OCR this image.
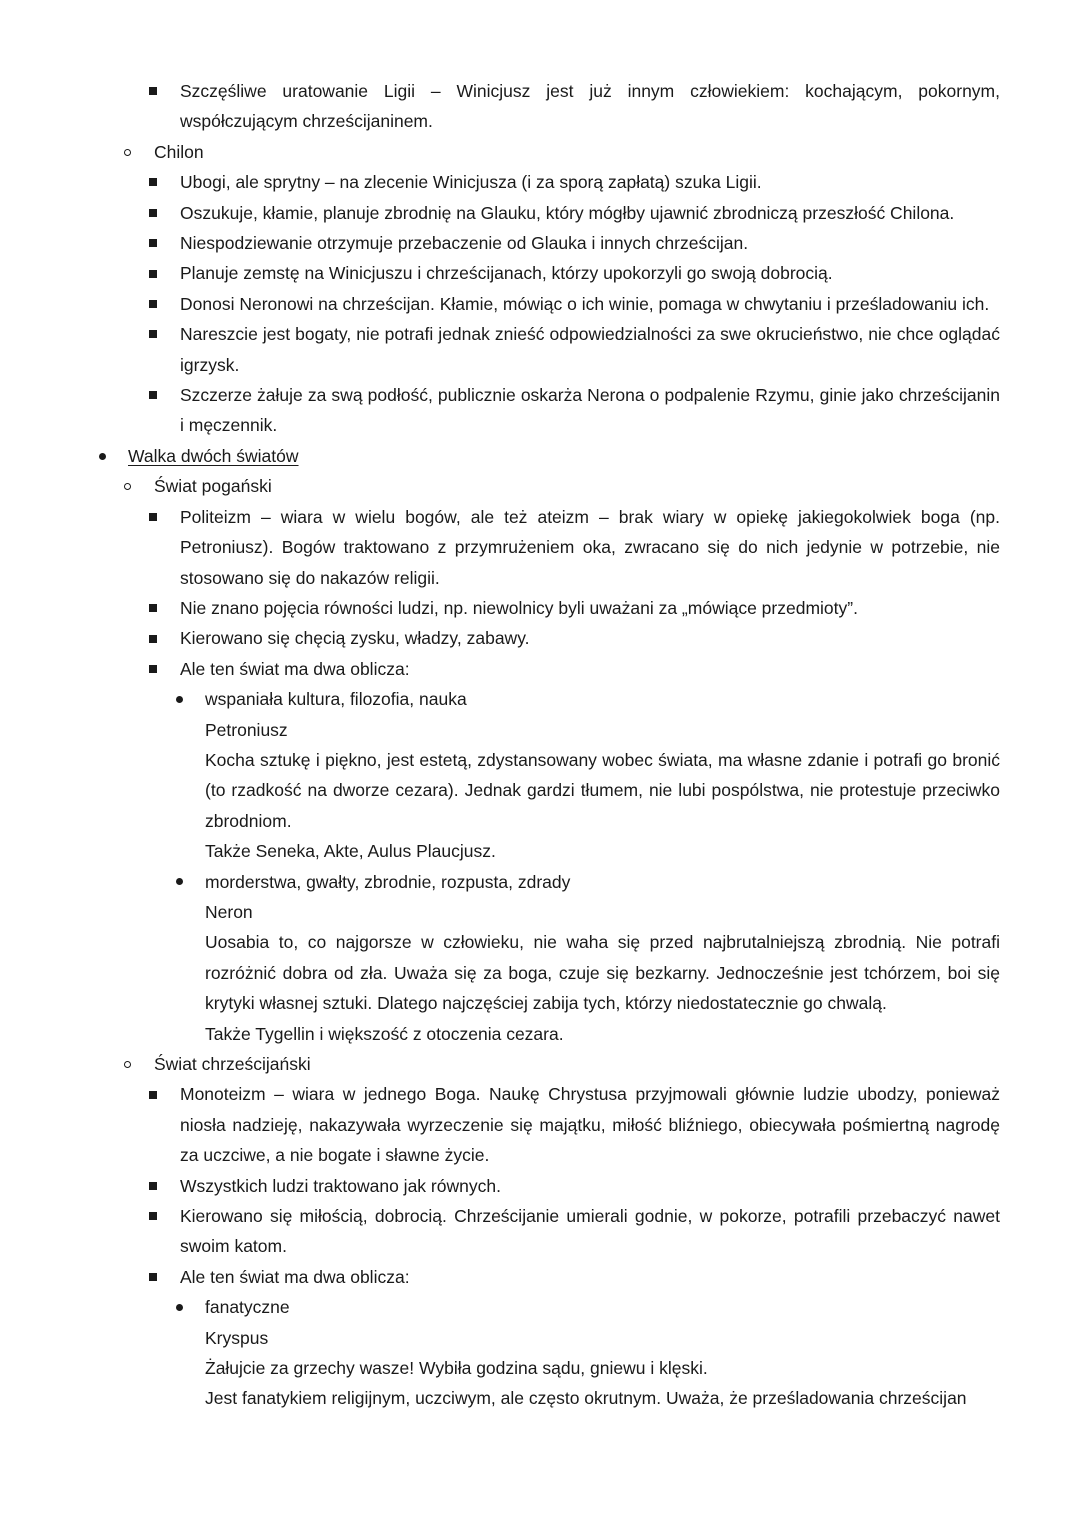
Szczęśliwe uratowanie Ligii – Winicjusz jest już innym człowiekiem: kochającym, pokornym, współczującym chrześcijaninem.
Chilon
Ubogi, ale sprytny – na zlecenie Winicjusza (i za sporą zapłatą) szuka Ligii.
Oszukuje, kłamie, planuje zbrodnię na Glauku, który mógłby ujawnić zbrodniczą przeszłość Chilona.
Niespodziewanie otrzymuje przebaczenie od Glauka i innych chrześcijan.
Planuje zemstę na Winicjuszu i chrześcijanach, którzy upokorzyli go swoją dobrocią.
Donosi Neronowi na chrześcijan. Kłamie, mówiąc o ich winie, pomaga w chwytaniu i prześladowaniu ich.
Nareszcie jest bogaty, nie potrafi jednak znieść odpowiedzialności za swe okrucieństwo, nie chce oglądać igrzysk.
Szczerze żałuje za swą podłość, publicznie oskarża Nerona o podpalenie Rzymu, ginie jako chrześcijanin i męczennik.
Walka dwóch światów
Świat pogański
Politeizm – wiara w wielu bogów, ale też ateizm – brak wiary w opiekę jakiegokolwiek boga (np. Petroniusz). Bogów traktowano z przymrużeniem oka, zwracano się do nich jedynie w potrzebie, nie stosowano się do nakazów religii.
Nie znano pojęcia równości ludzi, np. niewolnicy byli uważani za „mówiące przedmioty”.
Kierowano się chęcią zysku, władzy, zabawy.
Ale ten świat ma dwa oblicza:
wspaniała kultura, filozofia, nauka
Petroniusz
Kocha sztukę i piękno, jest estetą, zdystansowany wobec świata, ma własne zdanie i potrafi go bronić (to rzadkość na dworze cezara). Jednak gardzi tłumem, nie lubi pospólstwa, nie protestuje przeciwko zbrodniom.
Także Seneka, Akte, Aulus Plaucjusz.
morderstwa, gwałty, zbrodnie, rozpusta, zdrady
Neron
Uosabia to, co najgorsze w człowieku, nie waha się przed najbrutalniejszą zbrodnią. Nie potrafi rozróżnić dobra od zła. Uważa się za boga, czuje się bezkarny. Jednocześnie jest tchórzem, boi się krytyki własnej sztuki. Dlatego najczęściej zabija tych, którzy niedostatecznie go chwalą.
Także Tygellin i większość z otoczenia cezara.
Świat chrześcijański
Monoteizm – wiara w jednego Boga. Naukę Chrystusa przyjmowali głównie ludzie ubodzy, ponieważ niosła nadzieję, nakazywała wyrzeczenie się majątku, miłość bliźniego, obiecywała pośmiertną nagrodę za uczciwe, a nie bogate i sławne życie.
Wszystkich ludzi traktowano jak równych.
Kierowano się miłością, dobrocią. Chrześcijanie umierali godnie, w pokorze, potrafili przebaczyć nawet swoim katom.
Ale ten świat ma dwa oblicza:
fanatyczne
Kryspus
Żałujcie za grzechy wasze! Wybiła godzina sądu, gniewu i klęski.
Jest fanatykiem religijnym, uczciwym, ale często okrutnym. Uważa, że prześladowania chrześcijan
